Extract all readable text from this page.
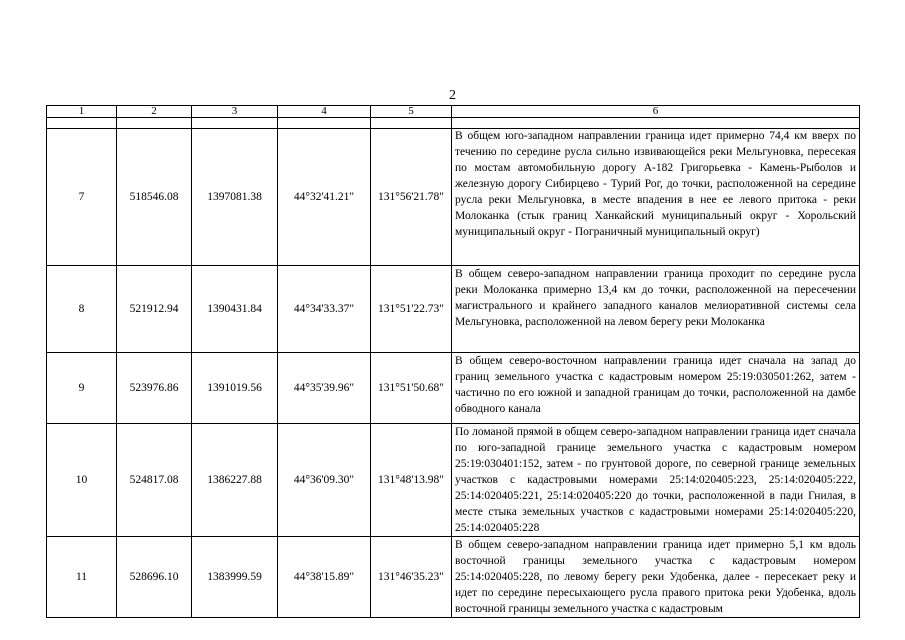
2
1	2	3	4	5	6

7	518546.08	1397081.38	44°32'41.21"	131°56'21.78"	В общем юго-западном направлении граница идет примерно 74,4 км вверх по течению по середине русла сильно извивающейся реки Мельгуновка, пересекая по мостам автомобильную дорогу А-182 Григорьевка - Камень-Рыболов и железную дорогу Сибирцево - Турий Рог, до точки, расположенной на середине русла реки Мельгуновка, в месте впадения в нее ее левого притока - реки Молоканка (стык границ Ханкайский муниципальный округ - Хорольский муниципальный округ - Пограничный муниципальный округ)

8	521912.94	1390431.84	44°34'33.37"	131°51'22.73"	В общем северо-западном направлении граница проходит по середине русла реки Молоканка примерно 13,4 км до точки, расположенной на пересечении магистрального и крайнего западного каналов мелиоративной системы села Мельгуновка, расположенной на левом берегу реки Молоканка

9	523976.86	1391019.56	44°35'39.96"	131°51'50.68"	В общем северо-восточном направлении граница идет сначала на запад до границ земельного участка с кадастровым номером 25:19:030501:262, затем - частично по его южной и западной границам до точки, расположенной на дамбе обводного канала

10	524817.08	1386227.88	44°36'09.30"	131°48'13.98"	По ломаной прямой в общем северо-западном направлении граница идет сначала по юго-западной границе земельного участка с кадастровым номером 25:19:030401:152, затем - по грунтовой дороге, по северной границе земельных участков с кадастровыми номерами 25:14:020405:223, 25:14:020405:222, 25:14:020405:221, 25:14:020405:220 до точки, расположенной в пади Гнилая, в месте стыка земельных участков с кадастровыми номерами 25:14:020405:220, 25:14:020405:228

11	528696.10	1383999.59	44°38'15.89"	131°46'35.23"	В общем северо-западном направлении граница идет примерно 5,1 км вдоль восточной границы земельного участка с кадастровым номером 25:14:020405:228, по левому берегу реки Удобенка, далее - пересекает реку и идет по середине пересыхающего русла правого притока реки Удобенка, вдоль восточной границы земельного участка с кадастровым
